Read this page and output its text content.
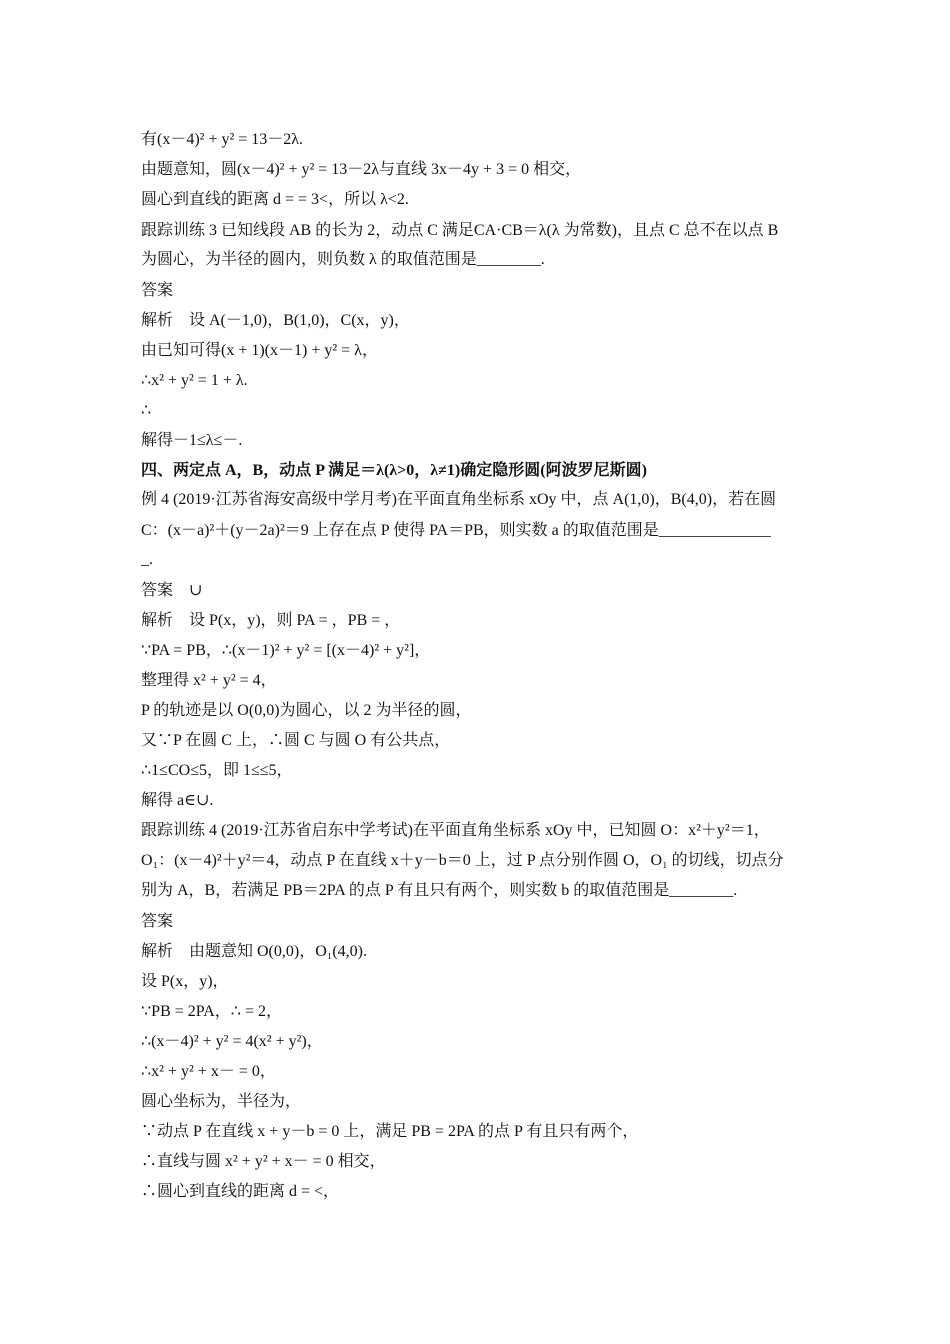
有(x－4)² + y² = 13－2λ.
由题意知，圆(x－4)² + y² = 13－2λ与直线 3x－4y + 3 = 0 相交，
圆心到直线的距离 d = = 3<，所以 λ<2.
跟踪训练 3 已知线段 AB 的长为 2，动点 C 满足CA·CB＝λ(λ 为常数)，且点 C 总不在以点 B
为圆心，为半径的圆内，则负数 λ 的取值范围是________.
答案
解析　设 A(－1,0)，B(1,0)，C(x，y)，
由已知可得(x + 1)(x－1) + y² = λ，
∴x² + y² = 1 + λ.
∴
解得－1≤λ≤－.
四、两定点 A，B，动点 P 满足＝λ(λ>0，λ≠1)确定隐形圆(阿波罗尼斯圆)
例 4 (2019·江苏省海安高级中学月考)在平面直角坐标系 xOy 中，点 A(1,0)，B(4,0)，若在圆
C：(x－a)²＋(y－2a)²＝9 上存在点 P 使得 PA＝PB，则实数 a 的取值范围是______________
_.
答案　∪
解析　设 P(x，y)，则 PA = ，PB = ，
∵PA = PB，∴(x－1)² + y² = [(x－4)² + y²]，
整理得 x² + y² = 4，
P 的轨迹是以 O(0,0)为圆心，以 2 为半径的圆，
又∵P 在圆 C 上，∴圆 C 与圆 O 有公共点，
∴1≤CO≤5，即 1≤≤5，
解得 a∈∪.
跟踪训练 4 (2019·江苏省启东中学考试)在平面直角坐标系 xOy 中，已知圆 O：x²＋y²＝1，
O₁：(x－4)²＋y²＝4，动点 P 在直线 x＋y－b＝0 上，过 P 点分别作圆 O，O₁ 的切线，切点分
别为 A，B，若满足 PB＝2PA 的点 P 有且只有两个，则实数 b 的取值范围是________.
答案
解析　由题意知 O(0,0)，O₁(4,0).
设 P(x，y)，
∵PB = 2PA，∴ = 2，
∴(x－4)² + y² = 4(x² + y²)，
∴x² + y² + x－ = 0，
圆心坐标为，半径为，
∵动点 P 在直线 x + y－b = 0 上，满足 PB = 2PA 的点 P 有且只有两个，
∴直线与圆 x² + y² + x－ = 0 相交，
∴圆心到直线的距离 d = <，
